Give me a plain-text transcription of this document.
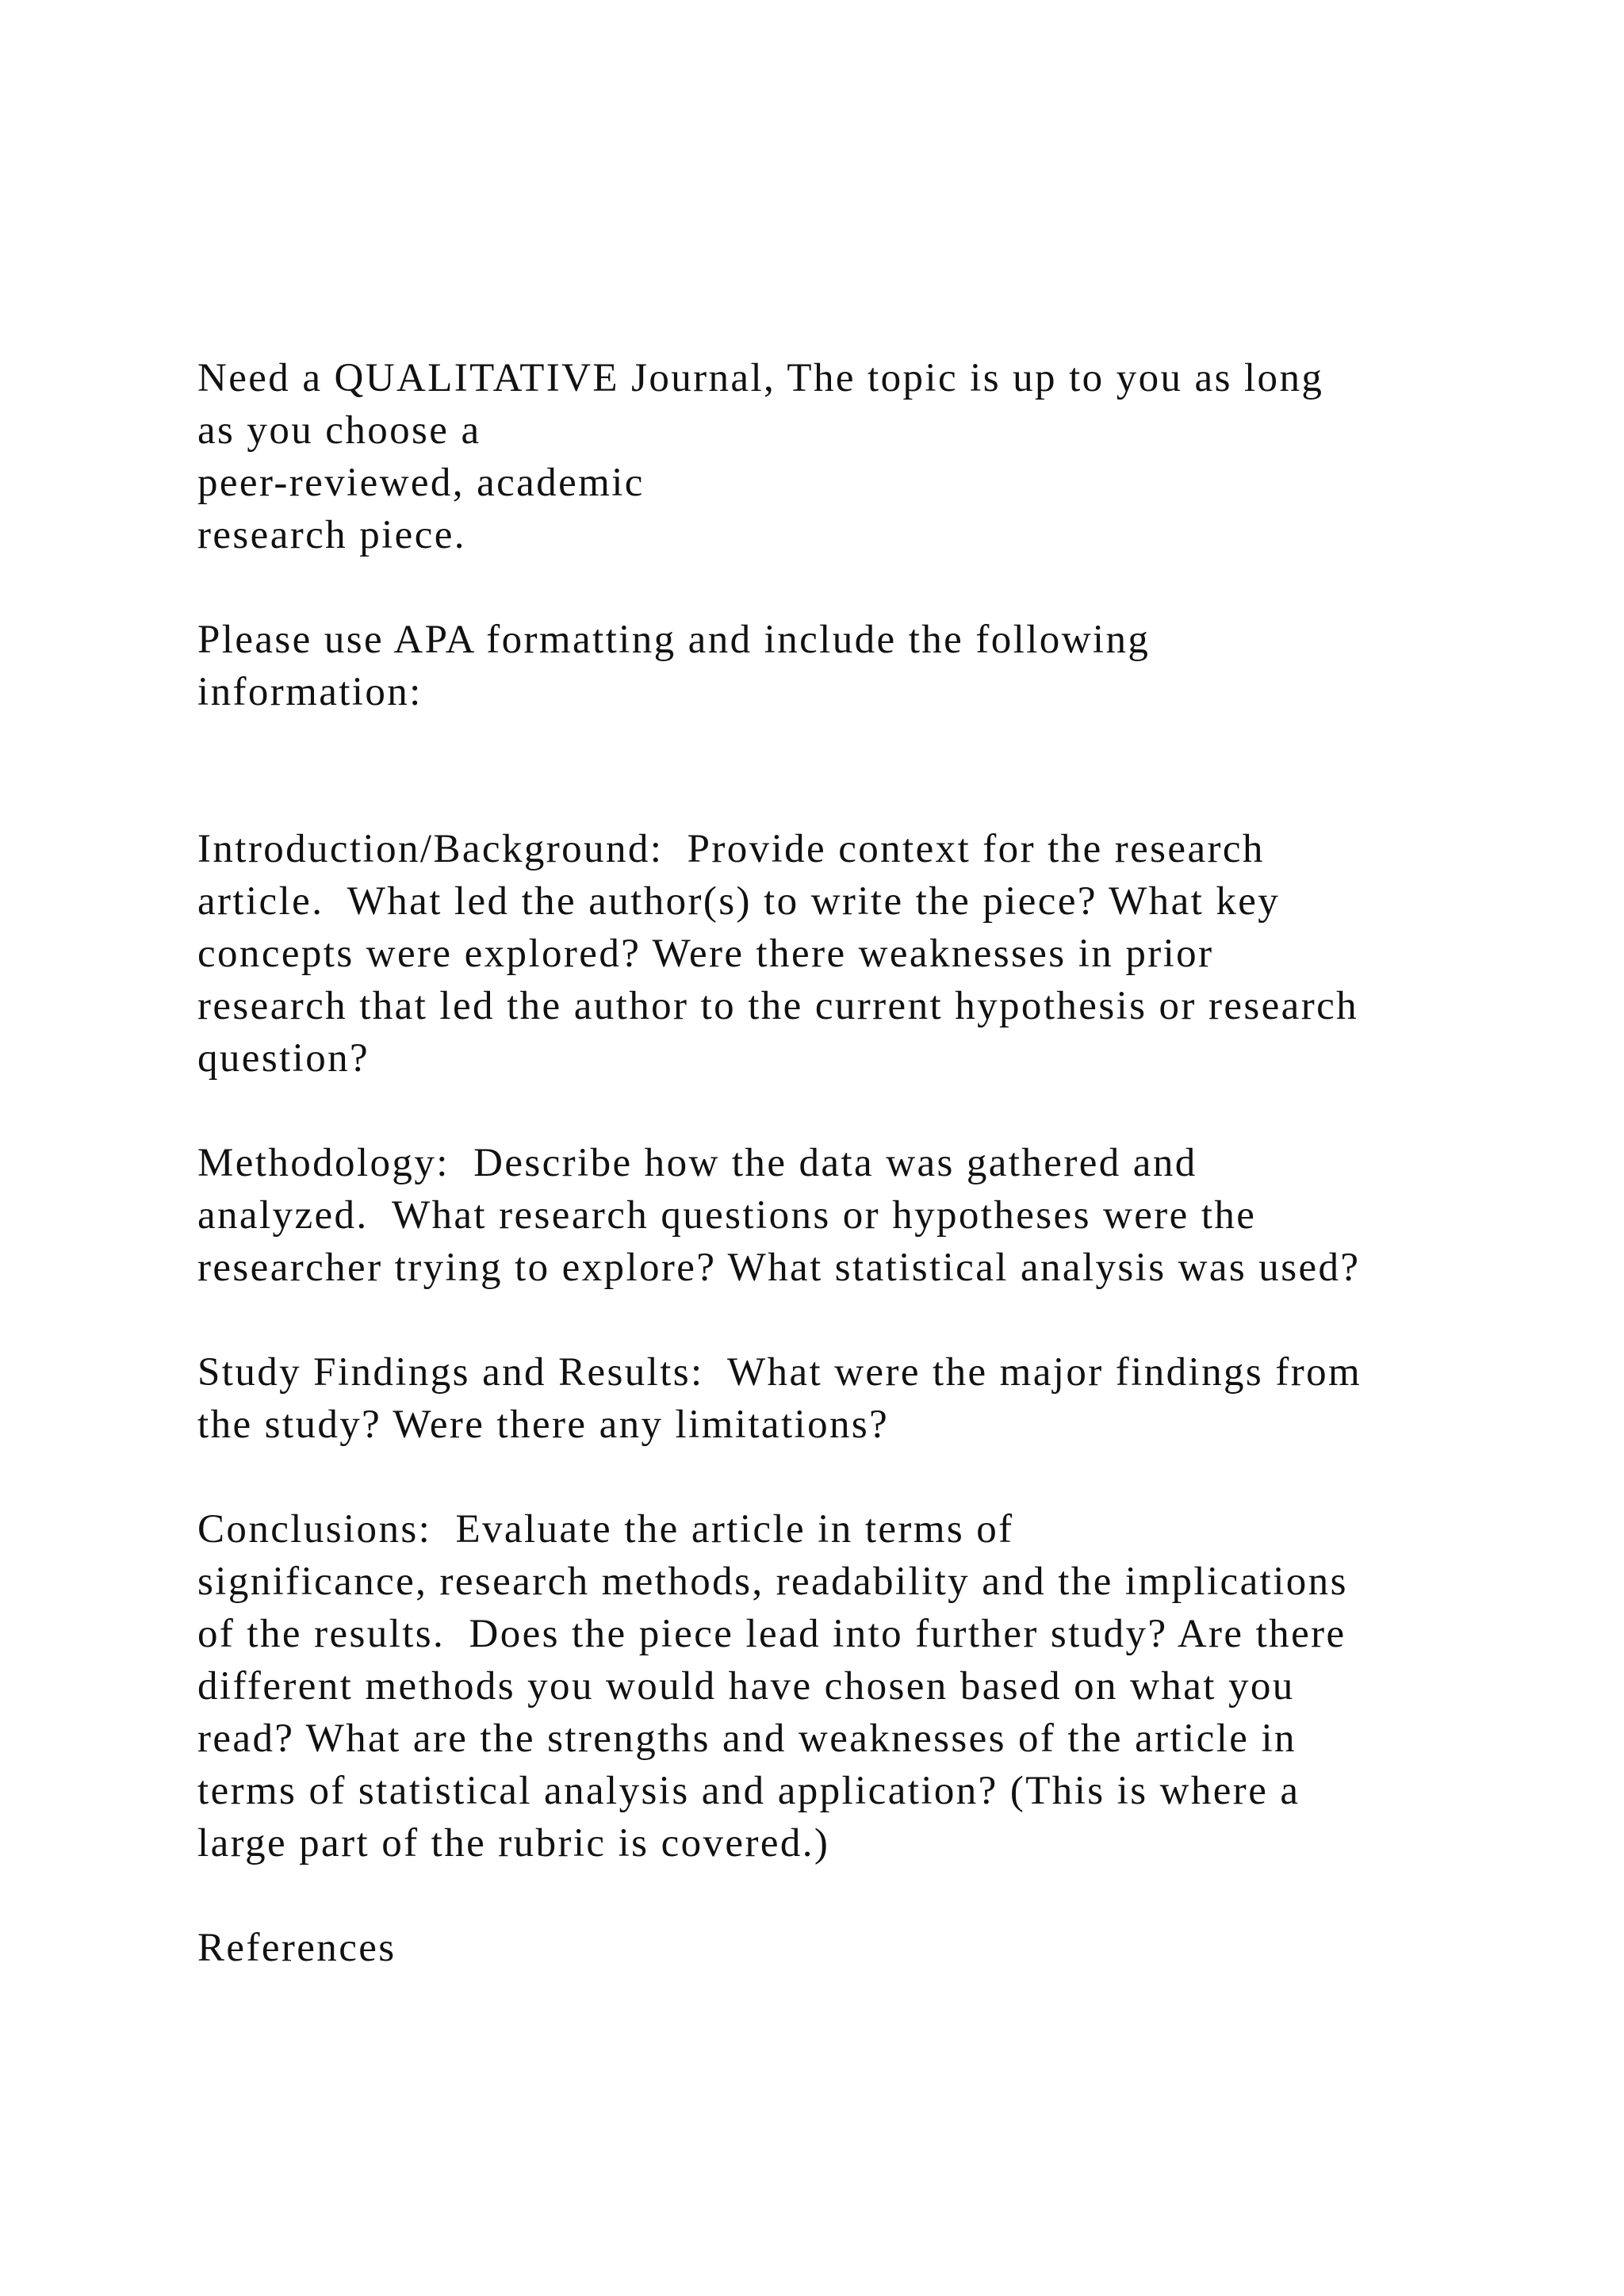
Need a QUALITATIVE Journal, The topic is up to you as long
as you choose a
peer-reviewed, academic
research piece.
Please use APA formatting and include the following
information:
Introduction/Background:  Provide context for the research
article.  What led the author(s) to write the piece? What key
concepts were explored? Were there weaknesses in prior
research that led the author to the current hypothesis or research
question?
Methodology:  Describe how the data was gathered and
analyzed.  What research questions or hypotheses were the
researcher trying to explore? What statistical analysis was used?
Study Findings and Results:  What were the major findings from
the study? Were there any limitations?
Conclusions:  Evaluate the article in terms of
significance, research methods, readability and the implications
of the results.  Does the piece lead into further study? Are there
different methods you would have chosen based on what you
read? What are the strengths and weaknesses of the article in
terms of statistical analysis and application? (This is where a
large part of the rubric is covered.)
References
